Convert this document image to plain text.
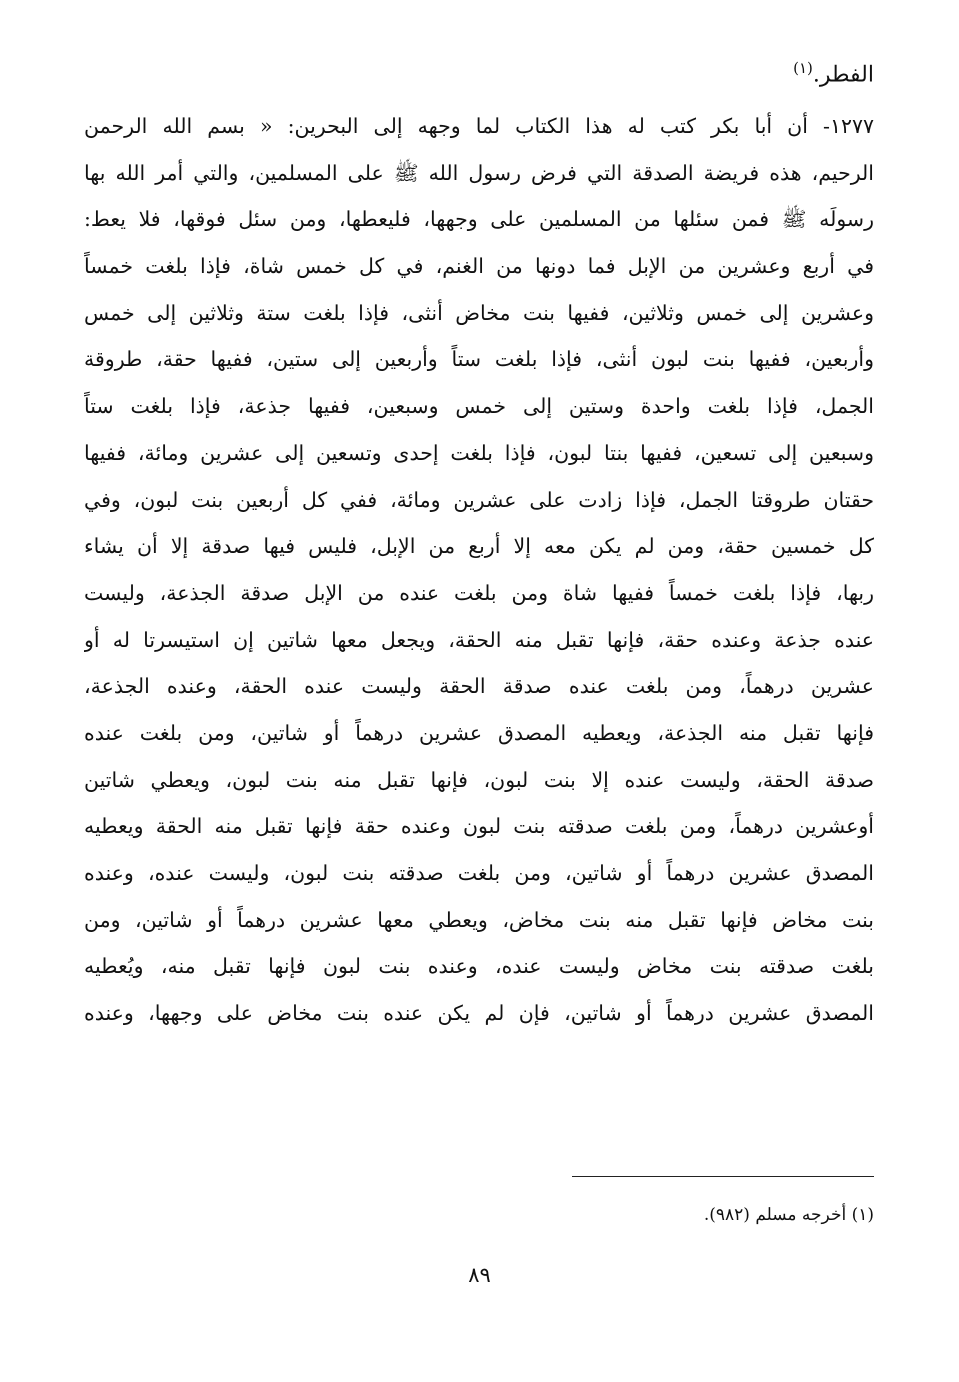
الفطر.$^{(١)}$
١٢٧٧- أن أبا بكر كتب له هذا الكتاب لما وجهه إلى البحرين: « بسم الله الرحمن
الرحيم، هذه فريضة الصدقة التي فرض رسول الله ﷺ على المسلمين، والتي أمر الله بها
رسولَه ﷺ فمن سئلها من المسلمين على وجهها، فليعطها، ومن سئل فوقها، فلا يعط:
في أربع وعشرين من الإبل فما دونها من الغنم، في كل خمس شاة، فإذا بلغت خمساً
وعشرين إلى خمس وثلاثين، ففيها بنت مخاض أنثى، فإذا بلغت ستة وثلاثين إلى خمس
وأربعين، ففيها بنت لبون أنثى، فإذا بلغت ستاً وأربعين إلى ستين، ففيها حقة، طروقة
الجمل، فإذا بلغت واحدة وستين إلى خمس وسبعين، ففيها جذعة، فإذا بلغت ستاً
وسبعين إلى تسعين، ففيها بنتا لبون، فإذا بلغت إحدى وتسعين إلى عشرين ومائة، ففيها
حقتان طروقتا الجمل، فإذا زادت على عشرين ومائة، ففي كل أربعين بنت لبون، وفي
كل خمسين حقة، ومن لم يكن معه إلا أربع من الإبل، فليس فيها صدقة إلا أن يشاء
ربها، فإذا بلغت خمساً ففيها شاة ومن بلغت عنده من الإبل صدقة الجذعة، وليست
عنده جذعة وعنده حقة، فإنها تقبل منه الحقة، ويجعل معها شاتين إن استيسرتا له أو
عشرين درهماً، ومن بلغت عنده صدقة الحقة وليست عنده الحقة، وعنده الجذعة،
فإنها تقبل منه الجذعة، ويعطيه المصدق عشرين درهماً أو شاتين، ومن بلغت عنده
صدقة الحقة، وليست عنده إلا بنت لبون، فإنها تقبل منه بنت لبون، ويعطي شاتين
أوعشرين درهماً، ومن بلغت صدقته بنت لبون وعنده حقة فإنها تقبل منه الحقة ويعطيه
المصدق عشرين درهماً أو شاتين، ومن بلغت صدقته بنت لبون، وليست عنده، وعنده
بنت مخاض فإنها تقبل منه بنت مخاض، ويعطي معها عشرين درهماً أو شاتين، ومن
بلغت صدقته بنت مخاض وليست عنده، وعنده بنت لبون فإنها تقبل منه، ويُعطيه
المصدق عشرين درهماً أو شاتين، فإن لم يكن عنده بنت مخاض على وجهها، وعنده
(١) أخرجه مسلم (٩٨٢).
٨٩
